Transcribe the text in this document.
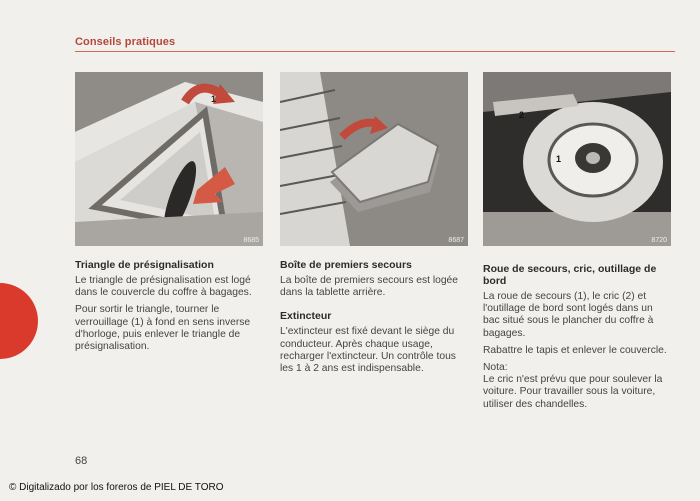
Conseils pratiques
1
8685	8687
2
1
8720
Triangle de présignalisation

Le triangle de présignalisation est logé dans le couvercle du coffre à bagages.

Pour sortir le triangle, tourner le verrouillage (1) à fond en sens inverse d'horloge, puis enlever le triangle de présignalisation.

Boîte de premiers secours

La boîte de premiers secours est logée dans la tablette arrière.

Extincteur

L'extincteur est fixé devant le siège du conducteur. Après chaque usage, recharger l'extincteur. Un contrôle tous les 1 à 2 ans est indispensable.

Roue de secours, cric, outillage de bord

La roue de secours (1), le cric (2) et l'outillage de bord sont logés dans un bac situé sous le plancher du coffre à bagages.

Rabattre le tapis et enlever le couvercle.

Nota:

Le cric n'est prévu que pour soulever la voiture. Pour travailler sous la voiture, utiliser des chandelles.

68
© Digitalizado por los foreros de PIEL DE TORO
